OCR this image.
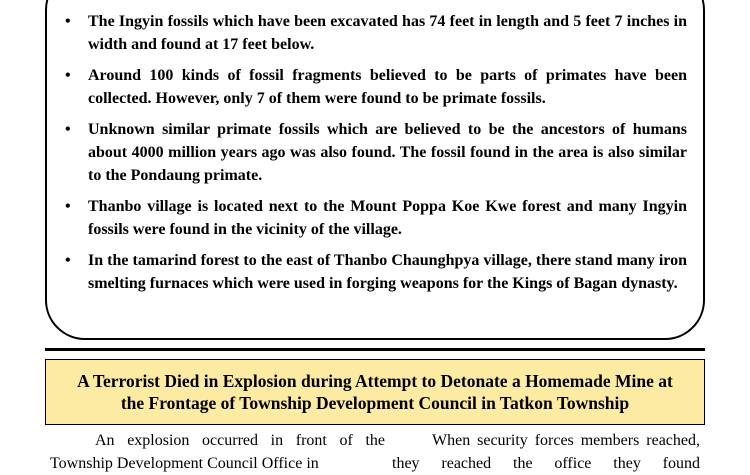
• The Ingyin fossils which have been excavated has 74 feet in length and 5 feet 7 inches in width and found at 17 feet below.
• Around 100 kinds of fossil fragments believed to be parts of primates have been collected. However, only 7 of them were found to be primate fossils.
• Unknown similar primate fossils which are believed to be the ancestors of humans about 4000 million years ago was also found. The fossil found in the area is also similar to the Pondaung primate.
• Thanbo village is located next to the Mount Poppa Koe Kwe forest and many Ingyin fossils were found in the vicinity of the village.
• In the tamarind forest to the east of Thanbo Chaunghpya village, there stand many iron smelting furnaces which were used in forging weapons for the Kings of Bagan dynasty.
A Terrorist Died in Explosion during Attempt to Detonate a Homemade Mine at
the Frontage of Township Development Council in Tatkon Township
An explosion occurred in front of the Township Development Council Office in
When security forces members reached, they reached the office they found
